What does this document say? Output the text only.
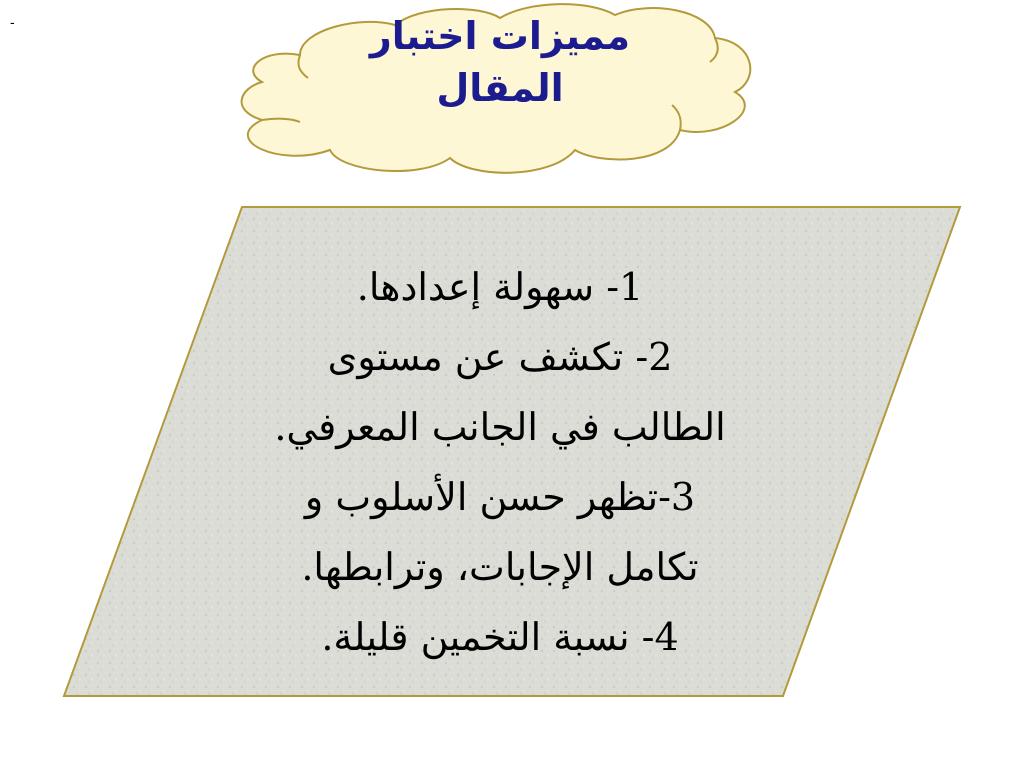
-	مميزات اختبار
المقال
1- سهولة إعدادها.
2- تكشف عن مستوى
الطالب في الجانب المعرفي.
3-تظهر حسن الأسلوب و
تكامل الإجابات، وترابطها.
4- نسبة التخمين قليلة.
